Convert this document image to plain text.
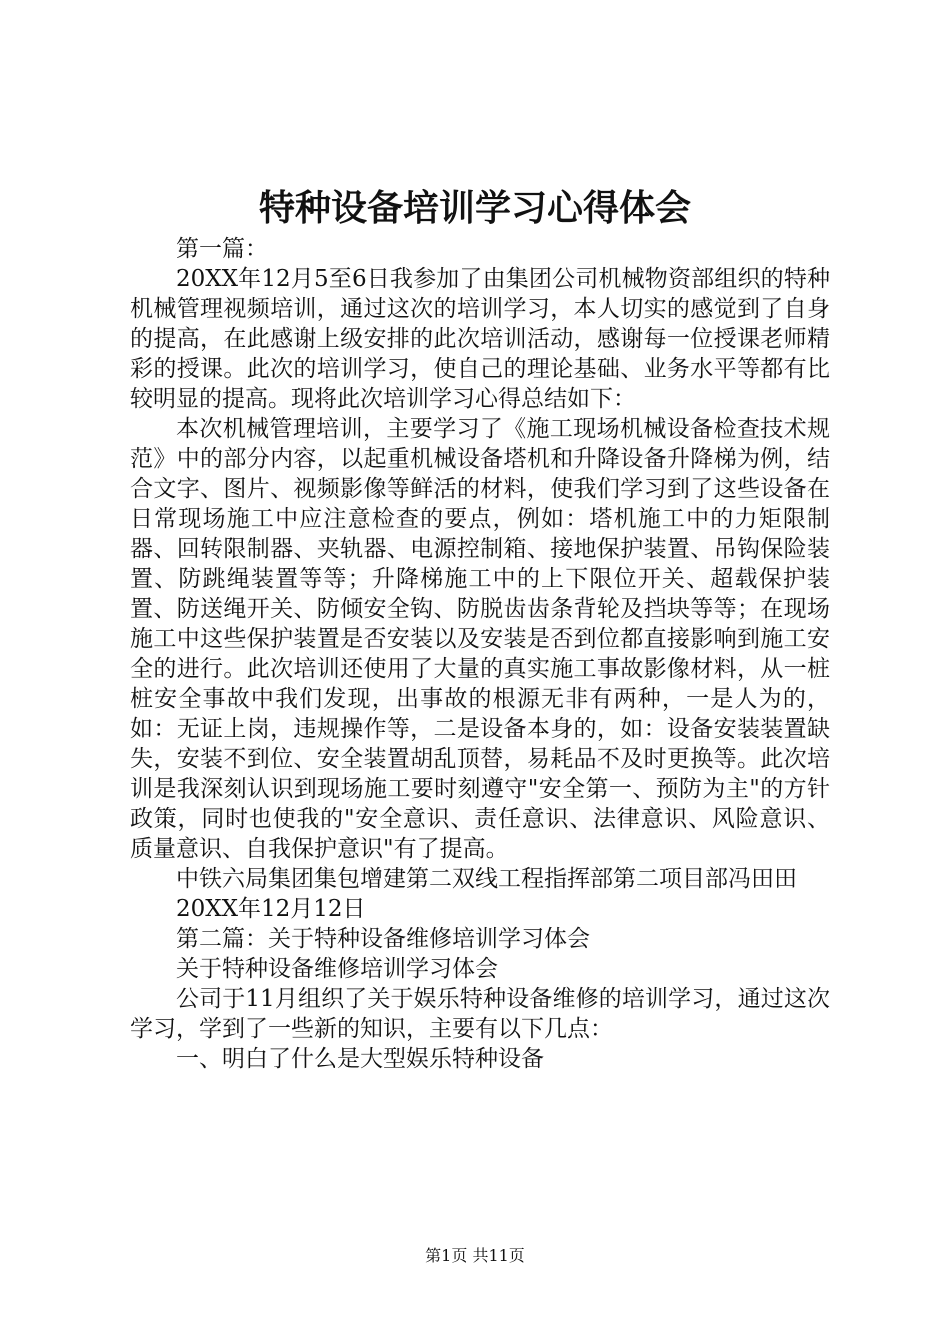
特种设备培训学习心得体会

第一篇：

20XX年12月5至6日我参加了由集团公司机械物资部组织的特种机械管理视频培训，通过这次的培训学习，本人切实的感觉到了自身的提高，在此感谢上级安排的此次培训活动，感谢每一位授课老师精彩的授课。此次的培训学习，使自己的理论基础、业务水平等都有比较明显的提高。现将此次培训学习心得总结如下：

本次机械管理培训，主要学习了《施工现场机械设备检查技术规范》中的部分内容，以起重机械设备塔机和升降设备升降梯为例，结合文字、图片、视频影像等鲜活的材料，使我们学习到了这些设备在日常现场施工中应注意检查的要点，例如：塔机施工中的力矩限制器、回转限制器、夹轨器、电源控制箱、接地保护装置、吊钩保险装置、防跳绳装置等等；升降梯施工中的上下限位开关、超载保护装置、防送绳开关、防倾安全钩、防脱齿齿条背轮及挡块等等；在现场施工中这些保护装置是否安装以及安装是否到位都直接影响到施工安全的进行。此次培训还使用了大量的真实施工事故影像材料，从一桩桩安全事故中我们发现，出事故的根源无非有两种，一是人为的，如：无证上岗，违规操作等，二是设备本身的，如：设备安装装置缺失，安装不到位、安全装置胡乱顶替，易耗品不及时更换等。此次培训是我深刻认识到现场施工要时刻遵守"安全第一、预防为主"的方针政策，同时也使我的"安全意识、责任意识、法律意识、风险意识、质量意识、自我保护意识"有了提高。

中铁六局集团集包增建第二双线工程指挥部第二项目部冯田田

20XX年12月12日

第二篇：关于特种设备维修培训学习体会

关于特种设备维修培训学习体会

公司于11月组织了关于娱乐特种设备维修的培训学习，通过这次学习，学到了一些新的知识，主要有以下几点：

一、明白了什么是大型娱乐特种设备

第1页 共11页
